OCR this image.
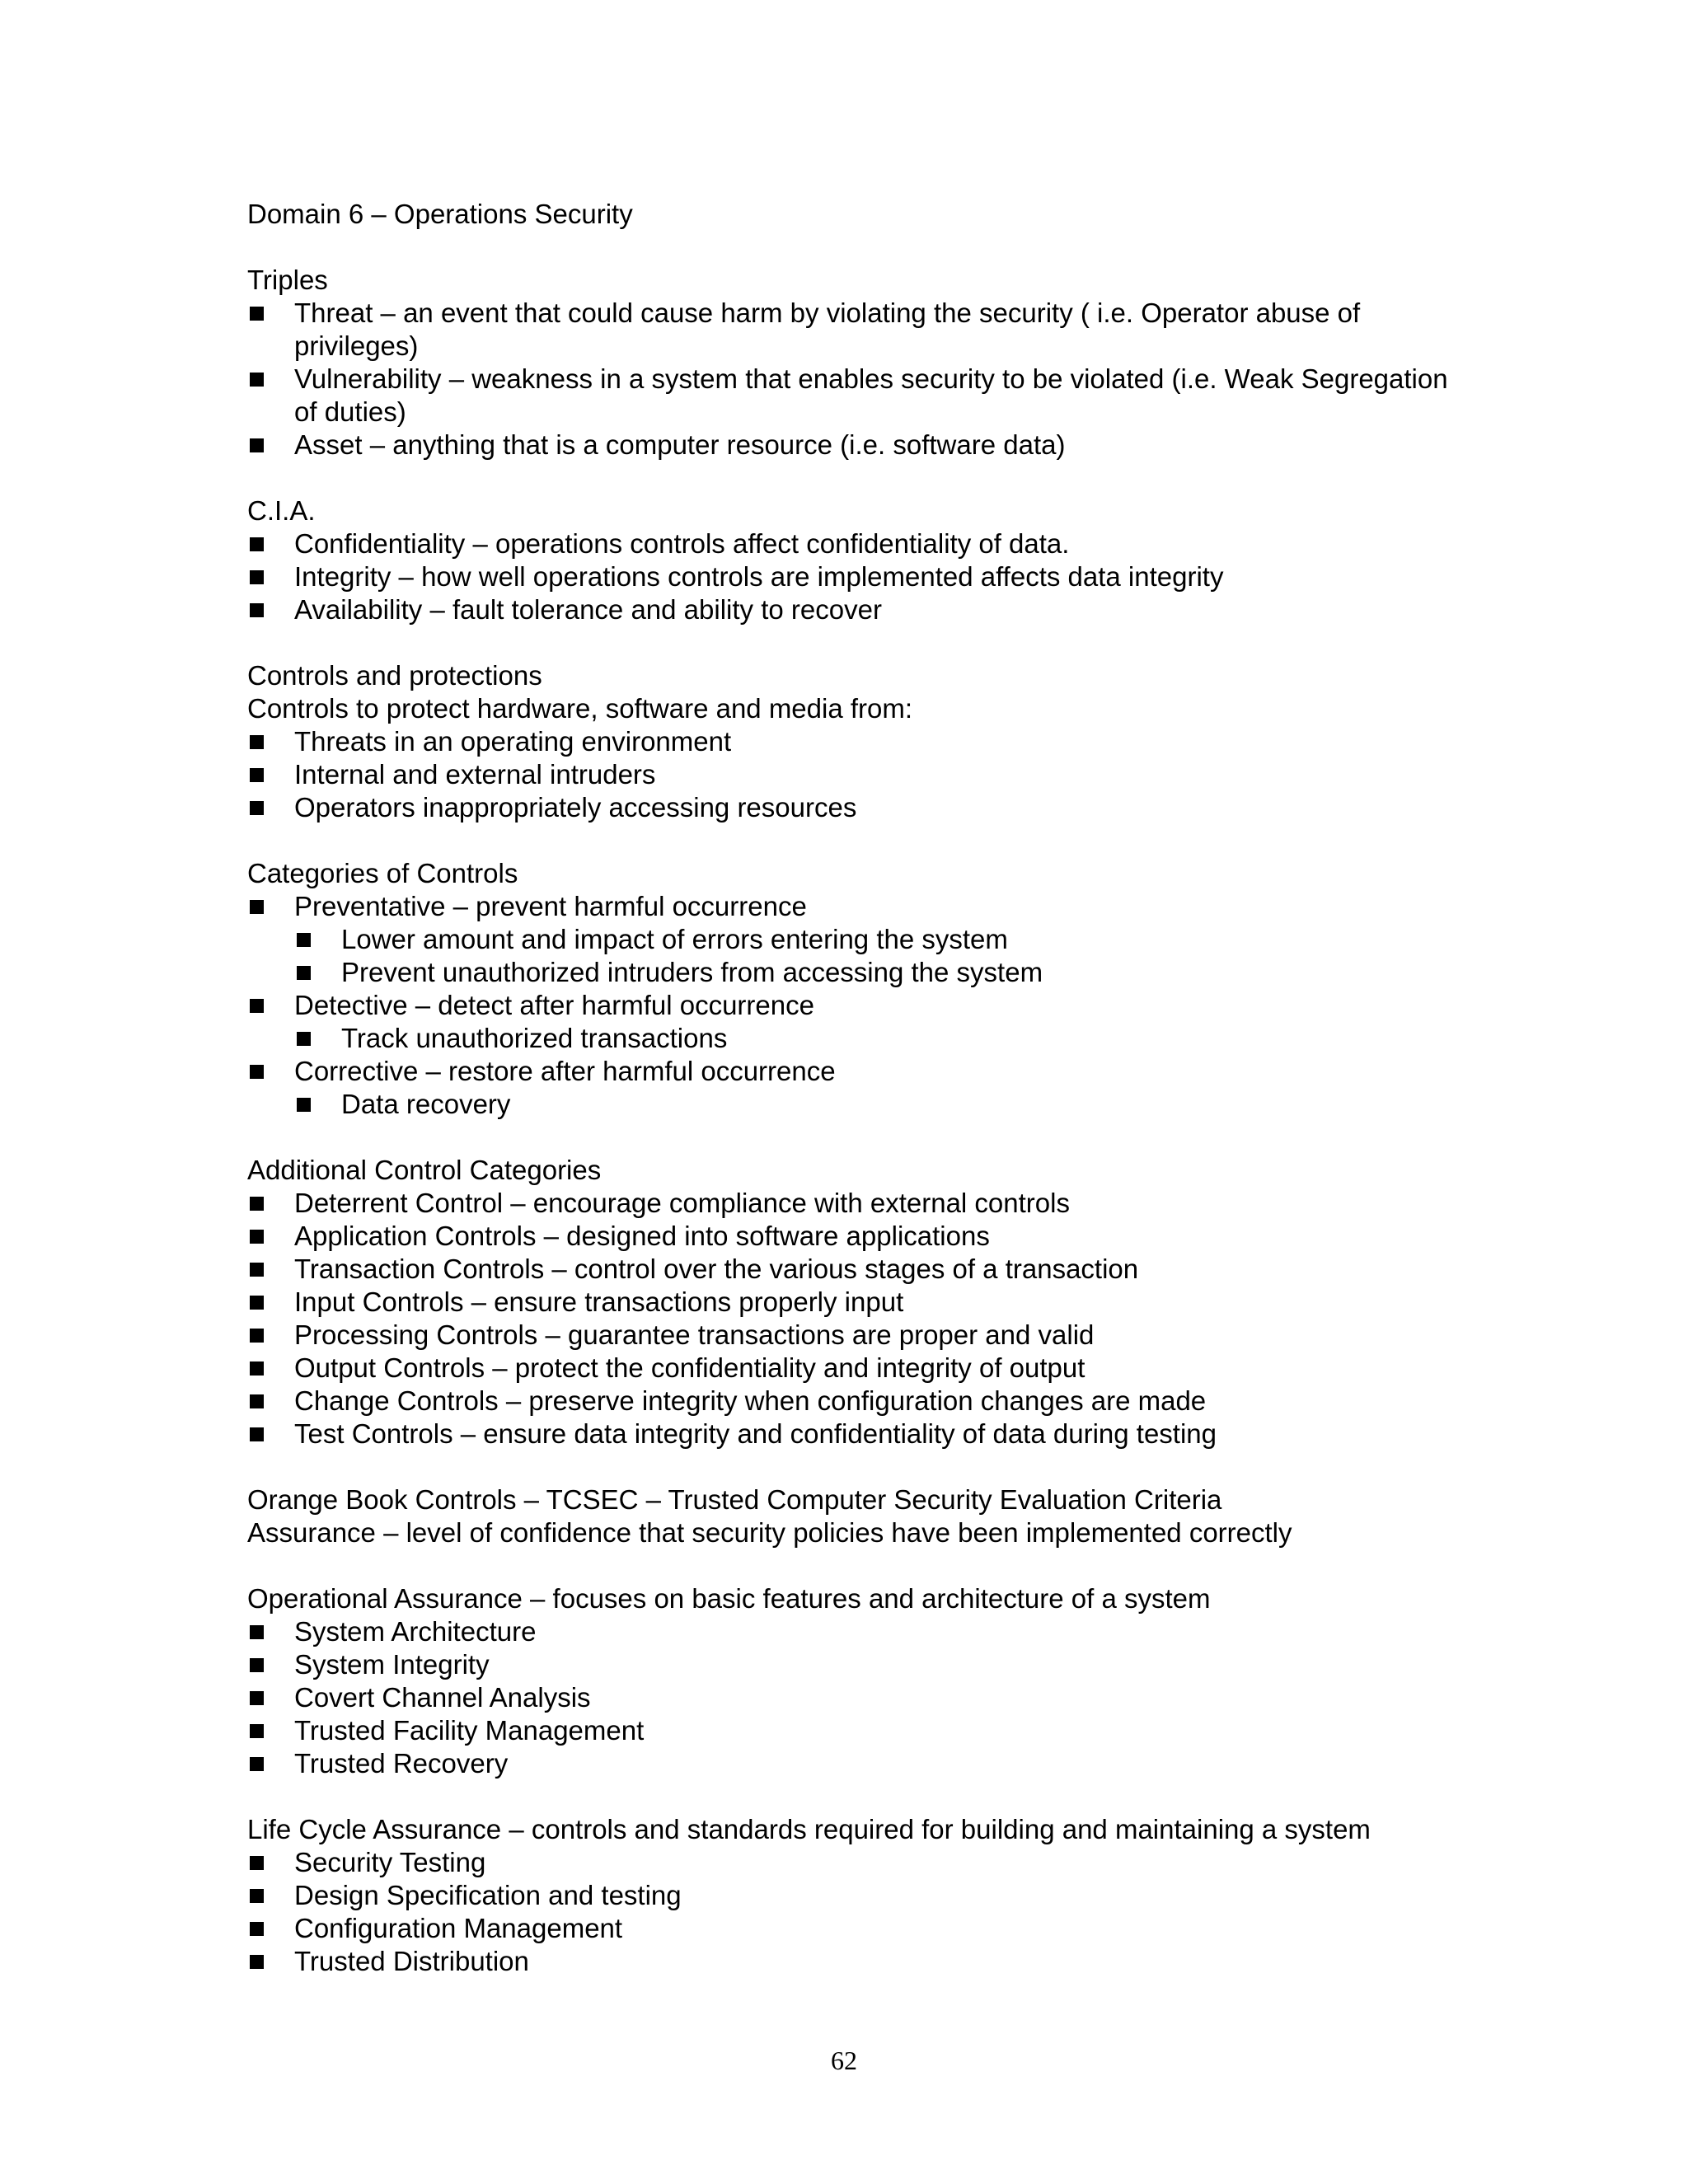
Domain 6 – Operations Security
Triples
Threat – an event that could cause harm by violating the security ( i.e. Operator abuse of privileges)
Vulnerability – weakness in a system that enables security to be violated (i.e. Weak Segregation of duties)
Asset – anything that is a computer resource (i.e. software data)
C.I.A.
Confidentiality – operations controls affect confidentiality of data.
Integrity – how well operations controls are implemented affects data integrity
Availability – fault tolerance and ability to recover
Controls and protections
Controls to protect hardware, software and media from:
Threats in an operating environment
Internal and external intruders
Operators inappropriately accessing resources
Categories of Controls
Preventative – prevent harmful occurrence
Lower amount and impact of errors entering the system
Prevent unauthorized intruders from accessing the system
Detective – detect after harmful occurrence
Track unauthorized transactions
Corrective – restore after harmful occurrence
Data recovery
Additional Control Categories
Deterrent Control – encourage compliance with external controls
Application Controls – designed into software applications
Transaction Controls – control over the various stages of a transaction
Input Controls – ensure transactions properly input
Processing Controls – guarantee transactions are proper and valid
Output Controls – protect the confidentiality and integrity of output
Change Controls – preserve integrity when configuration changes are made
Test Controls – ensure data integrity and confidentiality of data during testing
Orange Book Controls – TCSEC – Trusted Computer Security Evaluation Criteria
Assurance – level of confidence that security policies have been implemented correctly
Operational Assurance – focuses on basic features and architecture of a system
System Architecture
System Integrity
Covert Channel Analysis
Trusted Facility Management
Trusted Recovery
Life Cycle Assurance – controls and standards required for building and maintaining a system
Security Testing
Design Specification and testing
Configuration Management
Trusted Distribution
62
